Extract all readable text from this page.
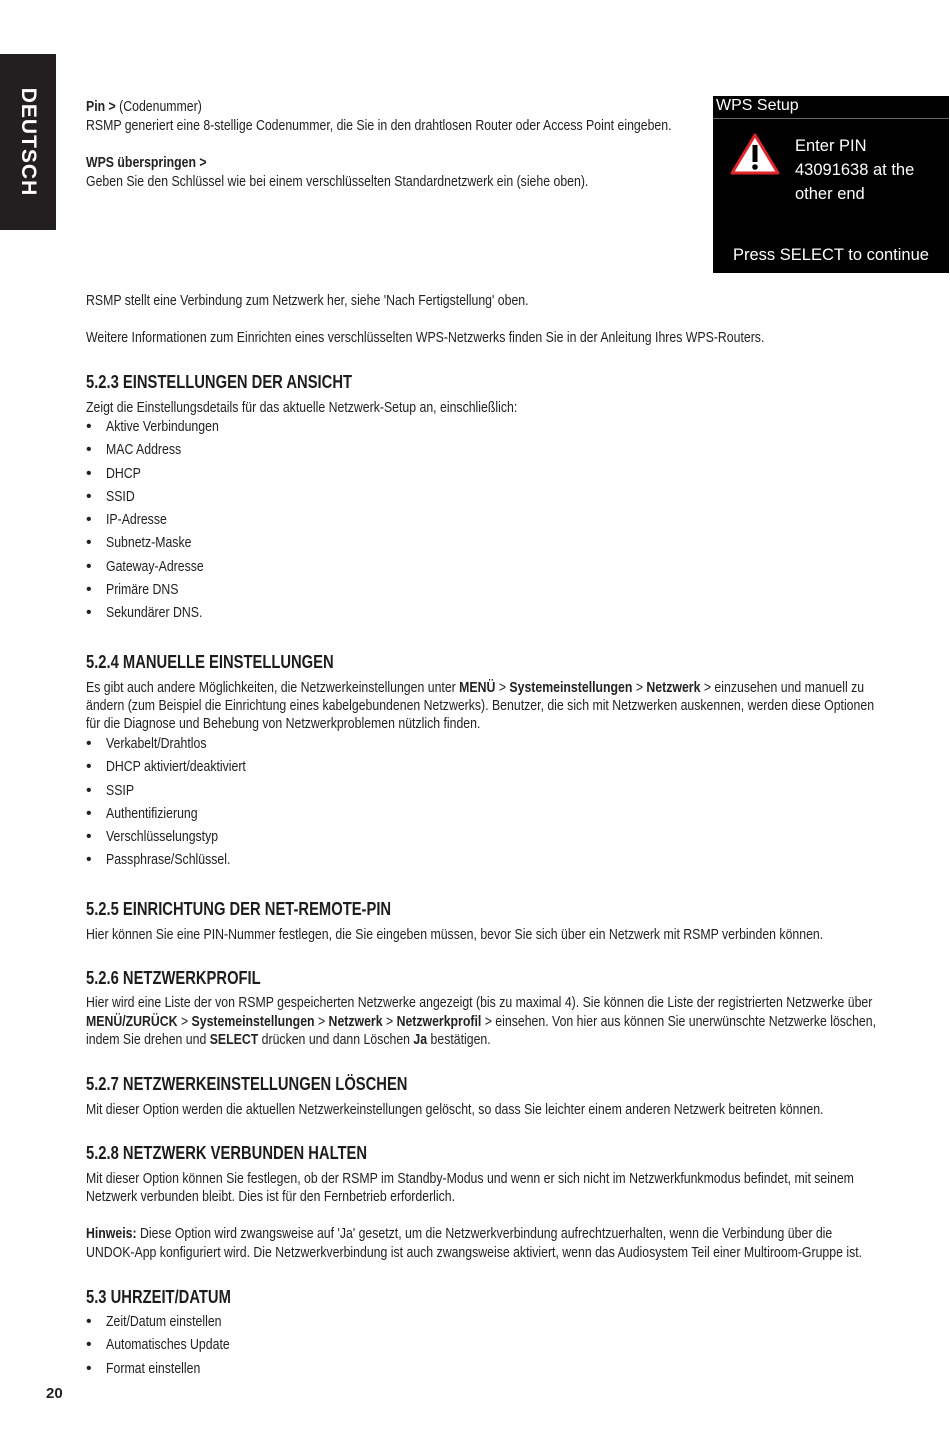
DEUTSCH	WPS Setup
Enter PIN
43091638 at the
other end
Press SELECT to continue
Pin > (Codenummer)
RSMP generiert eine 8-stellige Codenummer, die Sie in den drahtlosen Router oder Access Point eingeben.
WPS überspringen >
Geben Sie den Schlüssel wie bei einem verschlüsselten Standardnetzwerk ein (siehe oben).
RSMP stellt eine Verbindung zum Netzwerk her, siehe 'Nach Fertigstellung' oben.
Weitere Informationen zum Einrichten eines verschlüsselten WPS-Netzwerks finden Sie in der Anleitung Ihres WPS-Routers.
5.2.3 EINSTELLUNGEN DER ANSICHT
Zeigt die Einstellungsdetails für das aktuelle Netzwerk-Setup an, einschließlich:
• Aktive Verbindungen
• MAC Address
• DHCP
• SSID
• IP-Adresse
• Subnetz-Maske
• Gateway-Adresse
• Primäre DNS
• Sekundärer DNS.
5.2.4 MANUELLE EINSTELLUNGEN
Es gibt auch andere Möglichkeiten, die Netzwerkeinstellungen unter MENÜ > Systemeinstellungen > Netzwerk > einzusehen und manuell zu
ändern (zum Beispiel die Einrichtung eines kabelgebundenen Netzwerks). Benutzer, die sich mit Netzwerken auskennen, werden diese Optionen
für die Diagnose und Behebung von Netzwerkproblemen nützlich finden.
• Verkabelt/Drahtlos
• DHCP aktiviert/deaktiviert
• SSIP
• Authentifizierung
• Verschlüsselungstyp
• Passphrase/Schlüssel.
5.2.5 EINRICHTUNG DER NET-REMOTE-PIN
Hier können Sie eine PIN-Nummer festlegen, die Sie eingeben müssen, bevor Sie sich über ein Netzwerk mit RSMP verbinden können.
5.2.6 NETZWERKPROFIL
Hier wird eine Liste der von RSMP gespeicherten Netzwerke angezeigt (bis zu maximal 4). Sie können die Liste der registrierten Netzwerke über
MENÜ/ZURÜCK > Systemeinstellungen > Netzwerk > Netzwerkprofil > einsehen. Von hier aus können Sie unerwünschte Netzwerke löschen,
indem Sie drehen und SELECT drücken und dann Löschen Ja bestätigen.
5.2.7 NETZWERKEINSTELLUNGEN LÖSCHEN
Mit dieser Option werden die aktuellen Netzwerkeinstellungen gelöscht, so dass Sie leichter einem anderen Netzwerk beitreten können.
5.2.8 NETZWERK VERBUNDEN HALTEN
Mit dieser Option können Sie festlegen, ob der RSMP im Standby-Modus und wenn er sich nicht im Netzwerkfunkmodus befindet, mit seinem
Netzwerk verbunden bleibt. Dies ist für den Fernbetrieb erforderlich.
Hinweis: Diese Option wird zwangsweise auf 'Ja' gesetzt, um die Netzwerkverbindung aufrechtzuerhalten, wenn die Verbindung über die
UNDOK-App konfiguriert wird. Die Netzwerkverbindung ist auch zwangsweise aktiviert, wenn das Audiosystem Teil einer Multiroom-Gruppe ist.
5.3 UHRZEIT/DATUM
• Zeit/Datum einstellen
• Automatisches Update
• Format einstellen
20
